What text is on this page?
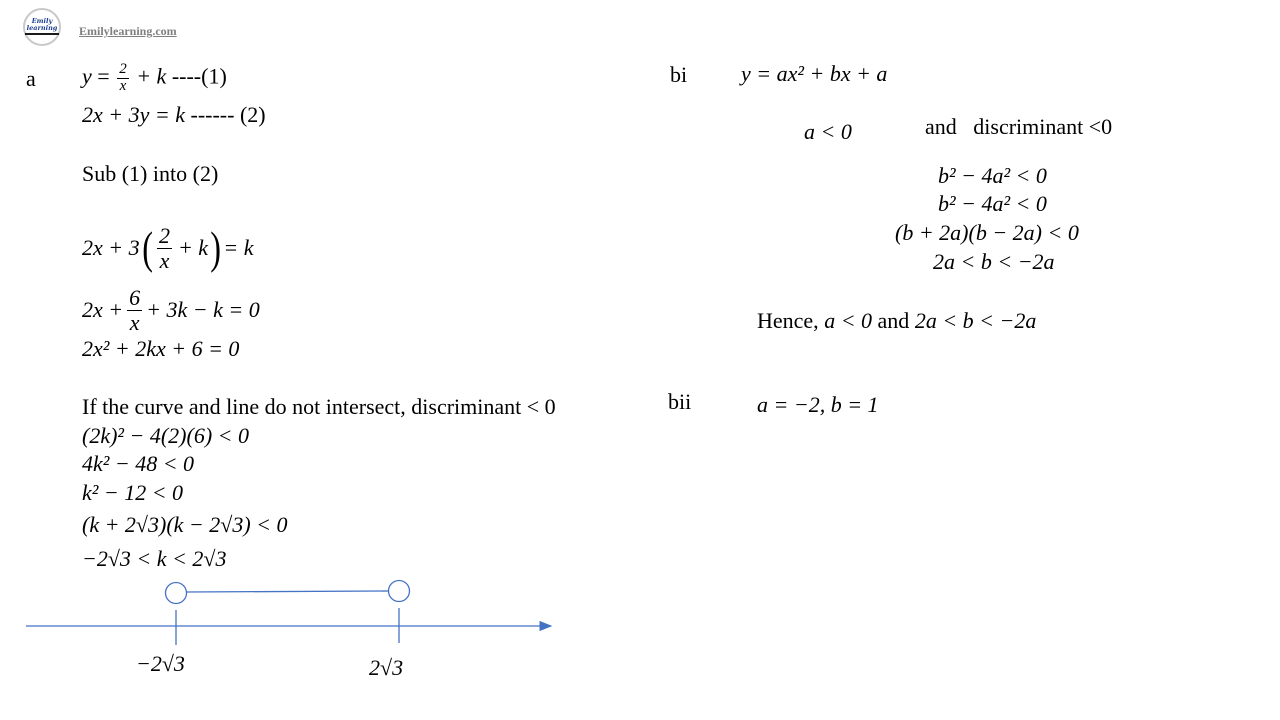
Emily learning Emilylearning.com
a $y = \frac{2}{x} + k$ ----(1)
2x + 3y = k ------ (2)
Sub (1) into (2)
2x + 3 ( $\frac{2}{x} + k$ ) = k
$2x + \frac{6}{x} + 3k - k = 0$
2x² + 2kx + 6 = 0
If the curve and line do not intersect, discriminant < 0
(2k)² − 4(2)(6) < 0
4k² − 48 < 0
k² − 12 < 0
(k + 2√3)(k − 2√3) < 0
−2√3 < k < 2√3
−2√3	2√3
bi y = ax² + bx + a
a < 0	and   discriminant <0
b² − 4a² < 0
b² − 4a² < 0
(b + 2a)(b − 2a) < 0
2a < b < −2a
Hence, a < 0 and 2a < b < −2a
bii	a = −2, b = 1
